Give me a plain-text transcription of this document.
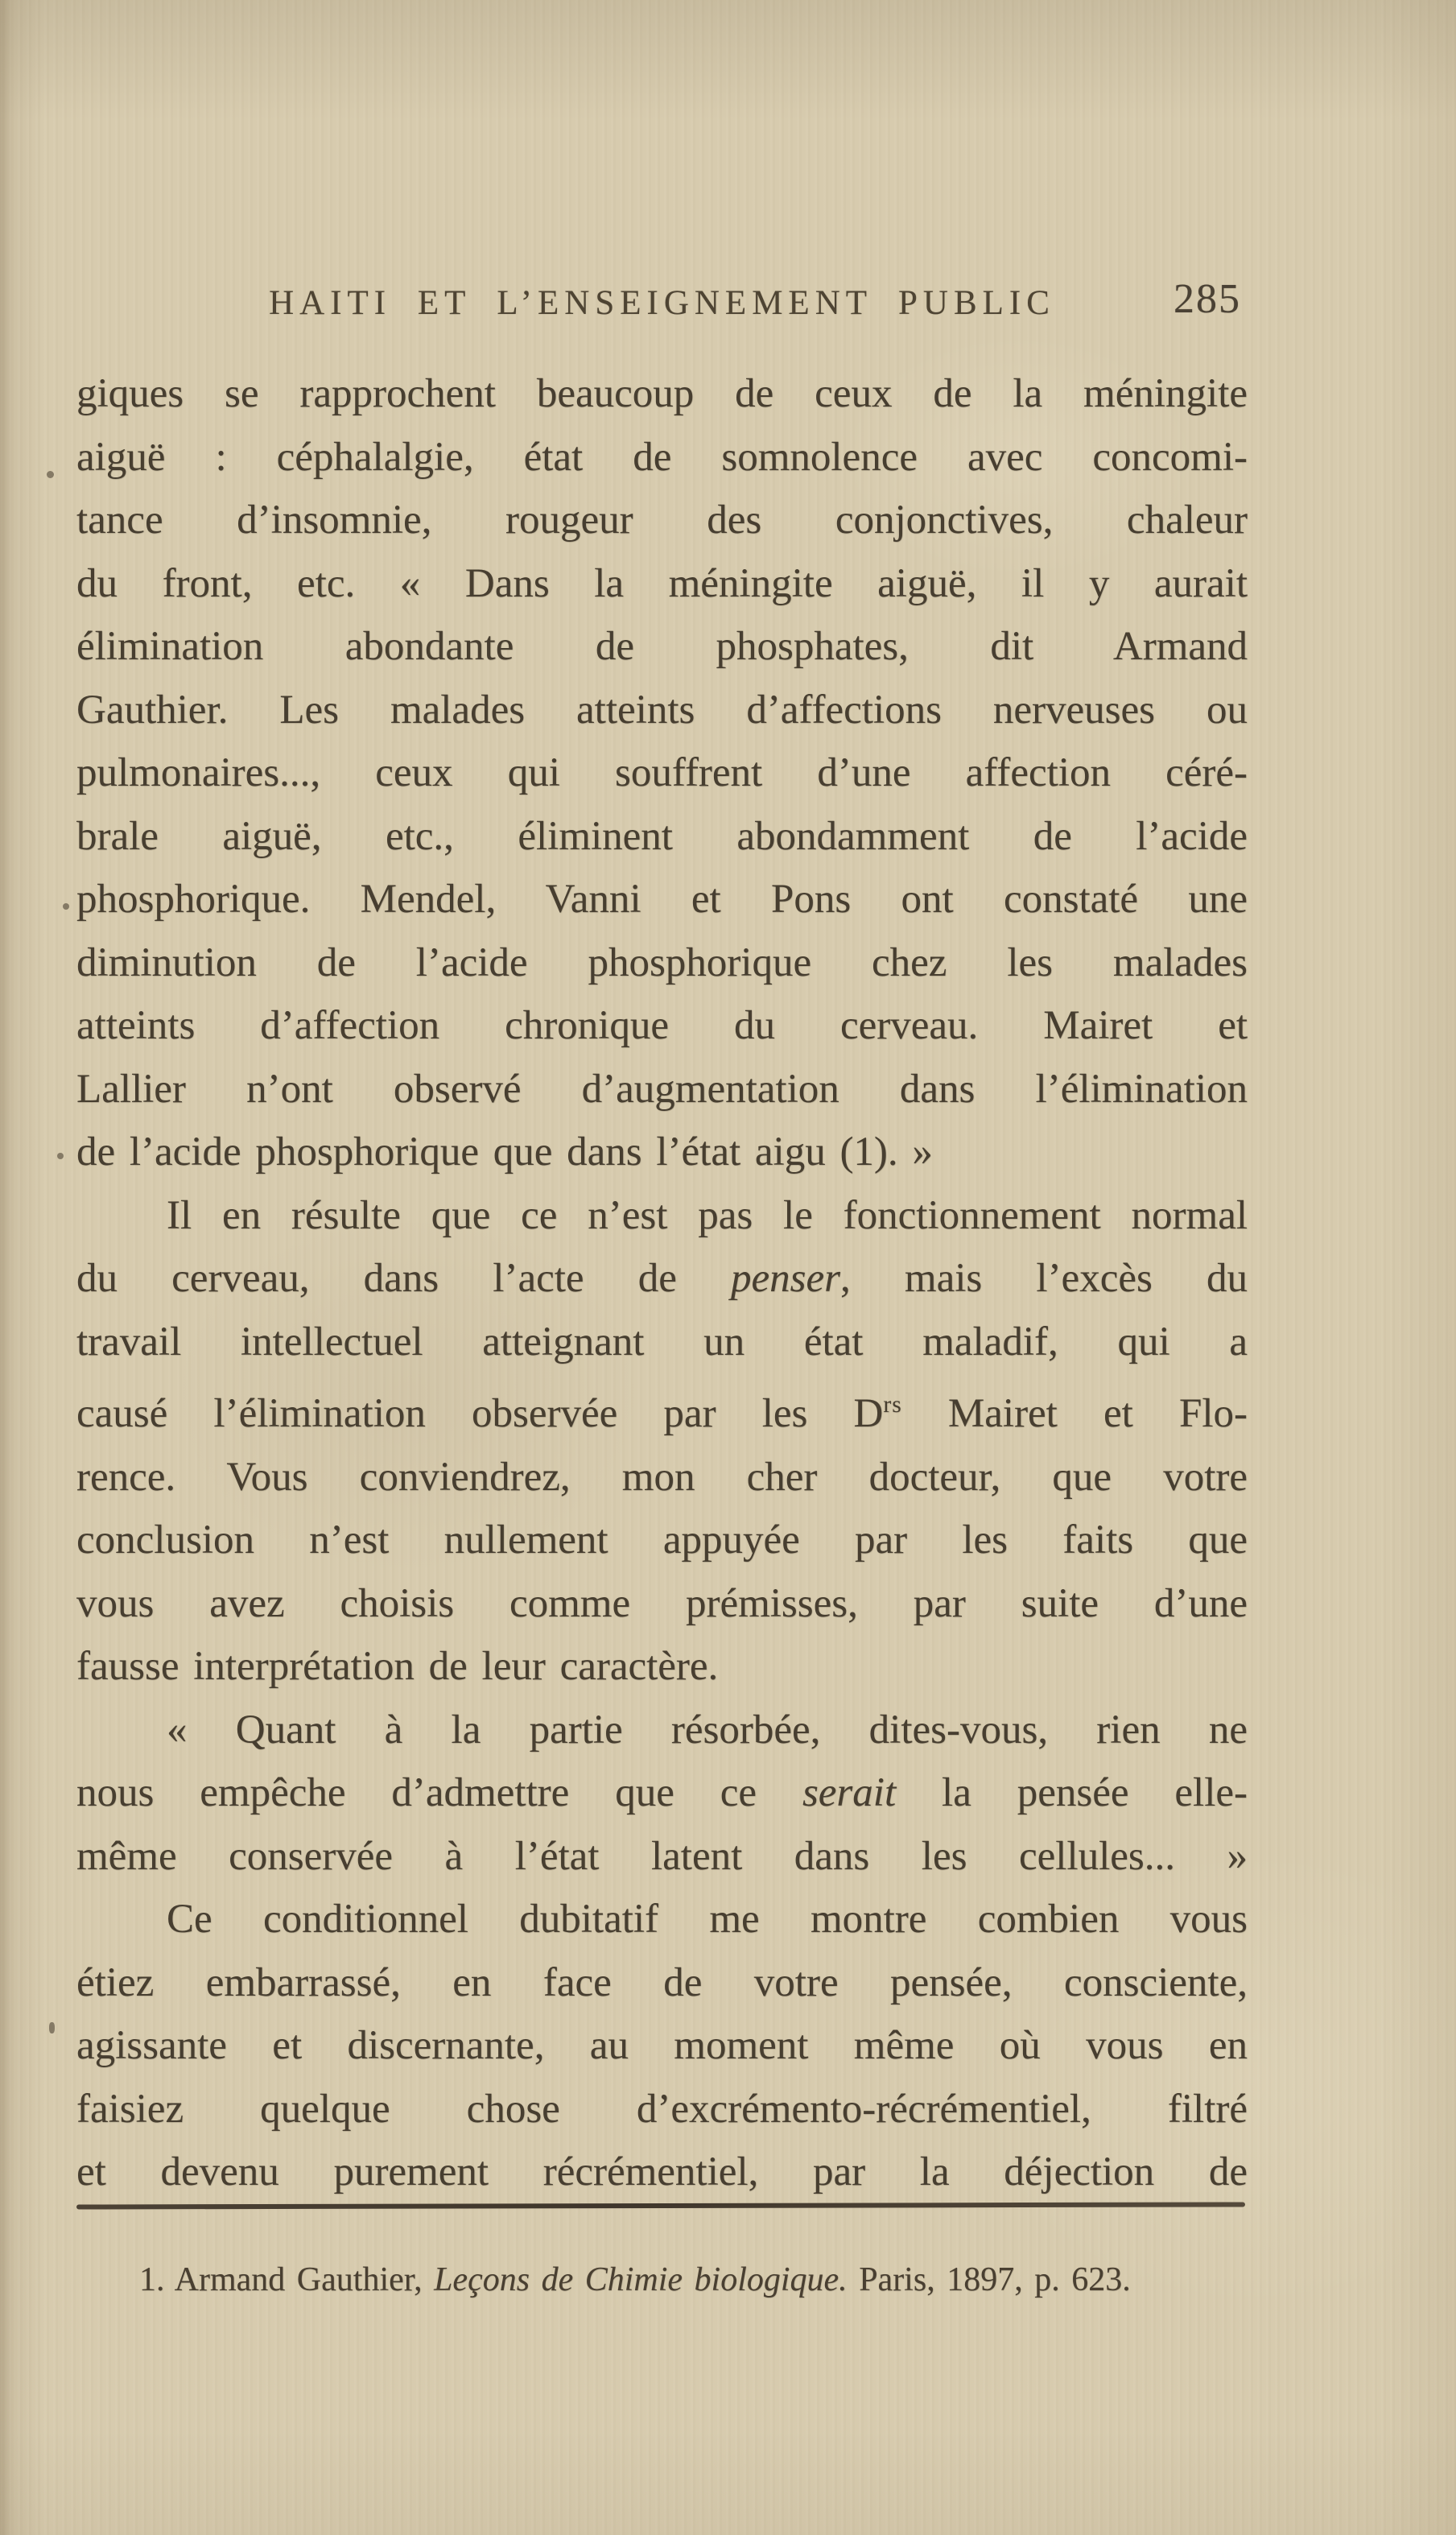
HAITI ET L’ENSEIGNEMENT PUBLIC	285
giques se rapprochent beaucoup de ceux de la méningite
aiguë : céphalalgie, état de somnolence avec concomi-
tance d’insomnie, rougeur des conjonctives, chaleur
du front, etc. « Dans la méningite aiguë, il y aurait
élimination abondante de phosphates, dit Armand
Gauthier. Les malades atteints d’affections nerveuses ou
pulmonaires..., ceux qui souffrent d’une affection céré-
brale aiguë, etc., éliminent abondamment de l’acide
phosphorique. Mendel, Vanni et Pons ont constaté une
diminution de l’acide phosphorique chez les malades
atteints d’affection chronique du cerveau. Mairet et
Lallier n’ont observé d’augmentation dans l’élimination
de l’acide phosphorique que dans l’état aigu (1). »
Il en résulte que ce n’est pas le fonctionnement normal
du cerveau, dans l’acte de penser, mais l’excès du
travail intellectuel atteignant un état maladif, qui a
causé l’élimination observée par les $D^{rs}$ Mairet et Flo-
rence. Vous conviendrez, mon cher docteur, que votre
conclusion n’est nullement appuyée par les faits que
vous avez choisis comme prémisses, par suite d’une
fausse interprétation de leur caractère.
« Quant à la partie résorbée, dites-vous, rien ne
nous empêche d’admettre que ce serait la pensée elle-
même conservée à l’état latent dans les cellules... »
Ce conditionnel dubitatif me montre combien vous
étiez embarrassé, en face de votre pensée, consciente,
agissante et discernante, au moment même où vous en
faisiez quelque chose d’excrémento-récrémentiel, filtré
et devenu purement récrémentiel, par la déjection de
1. Armand Gauthier, Leçons de Chimie biologique. Paris, 1897, p. 623.
